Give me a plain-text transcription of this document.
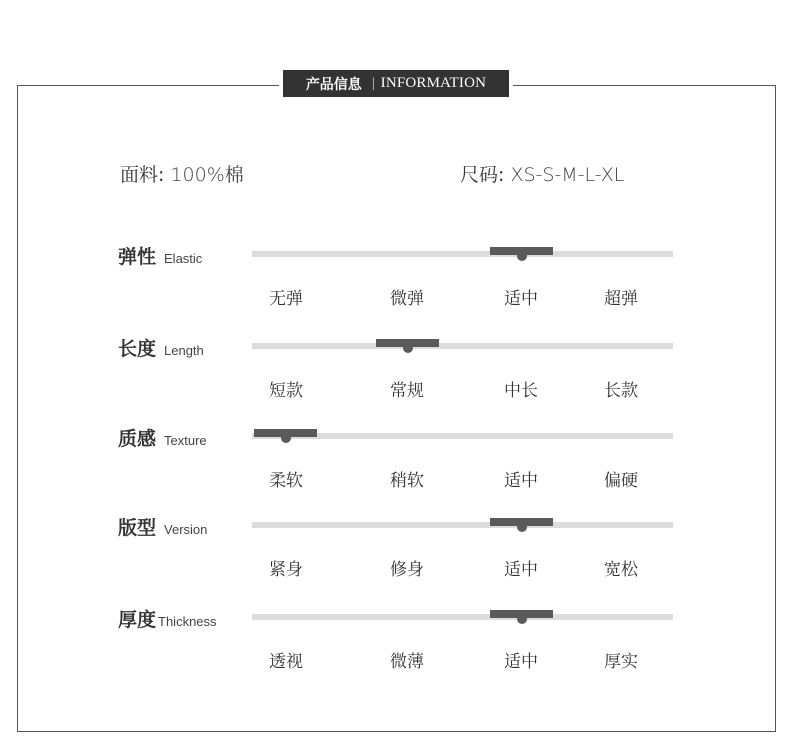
产品信息 | INFORMATION
面料: 100%棉	尺码: XS-S-M-L-XL
弹性 Elastic
无弹	微弹	适中	超弹
长度 Length
短款	常规	中长	长款
质感 Texture
柔软	稍软	适中	偏硬
版型 Version
紧身	修身	适中	宽松
厚度 Thickness
透视	微薄	适中	厚实
